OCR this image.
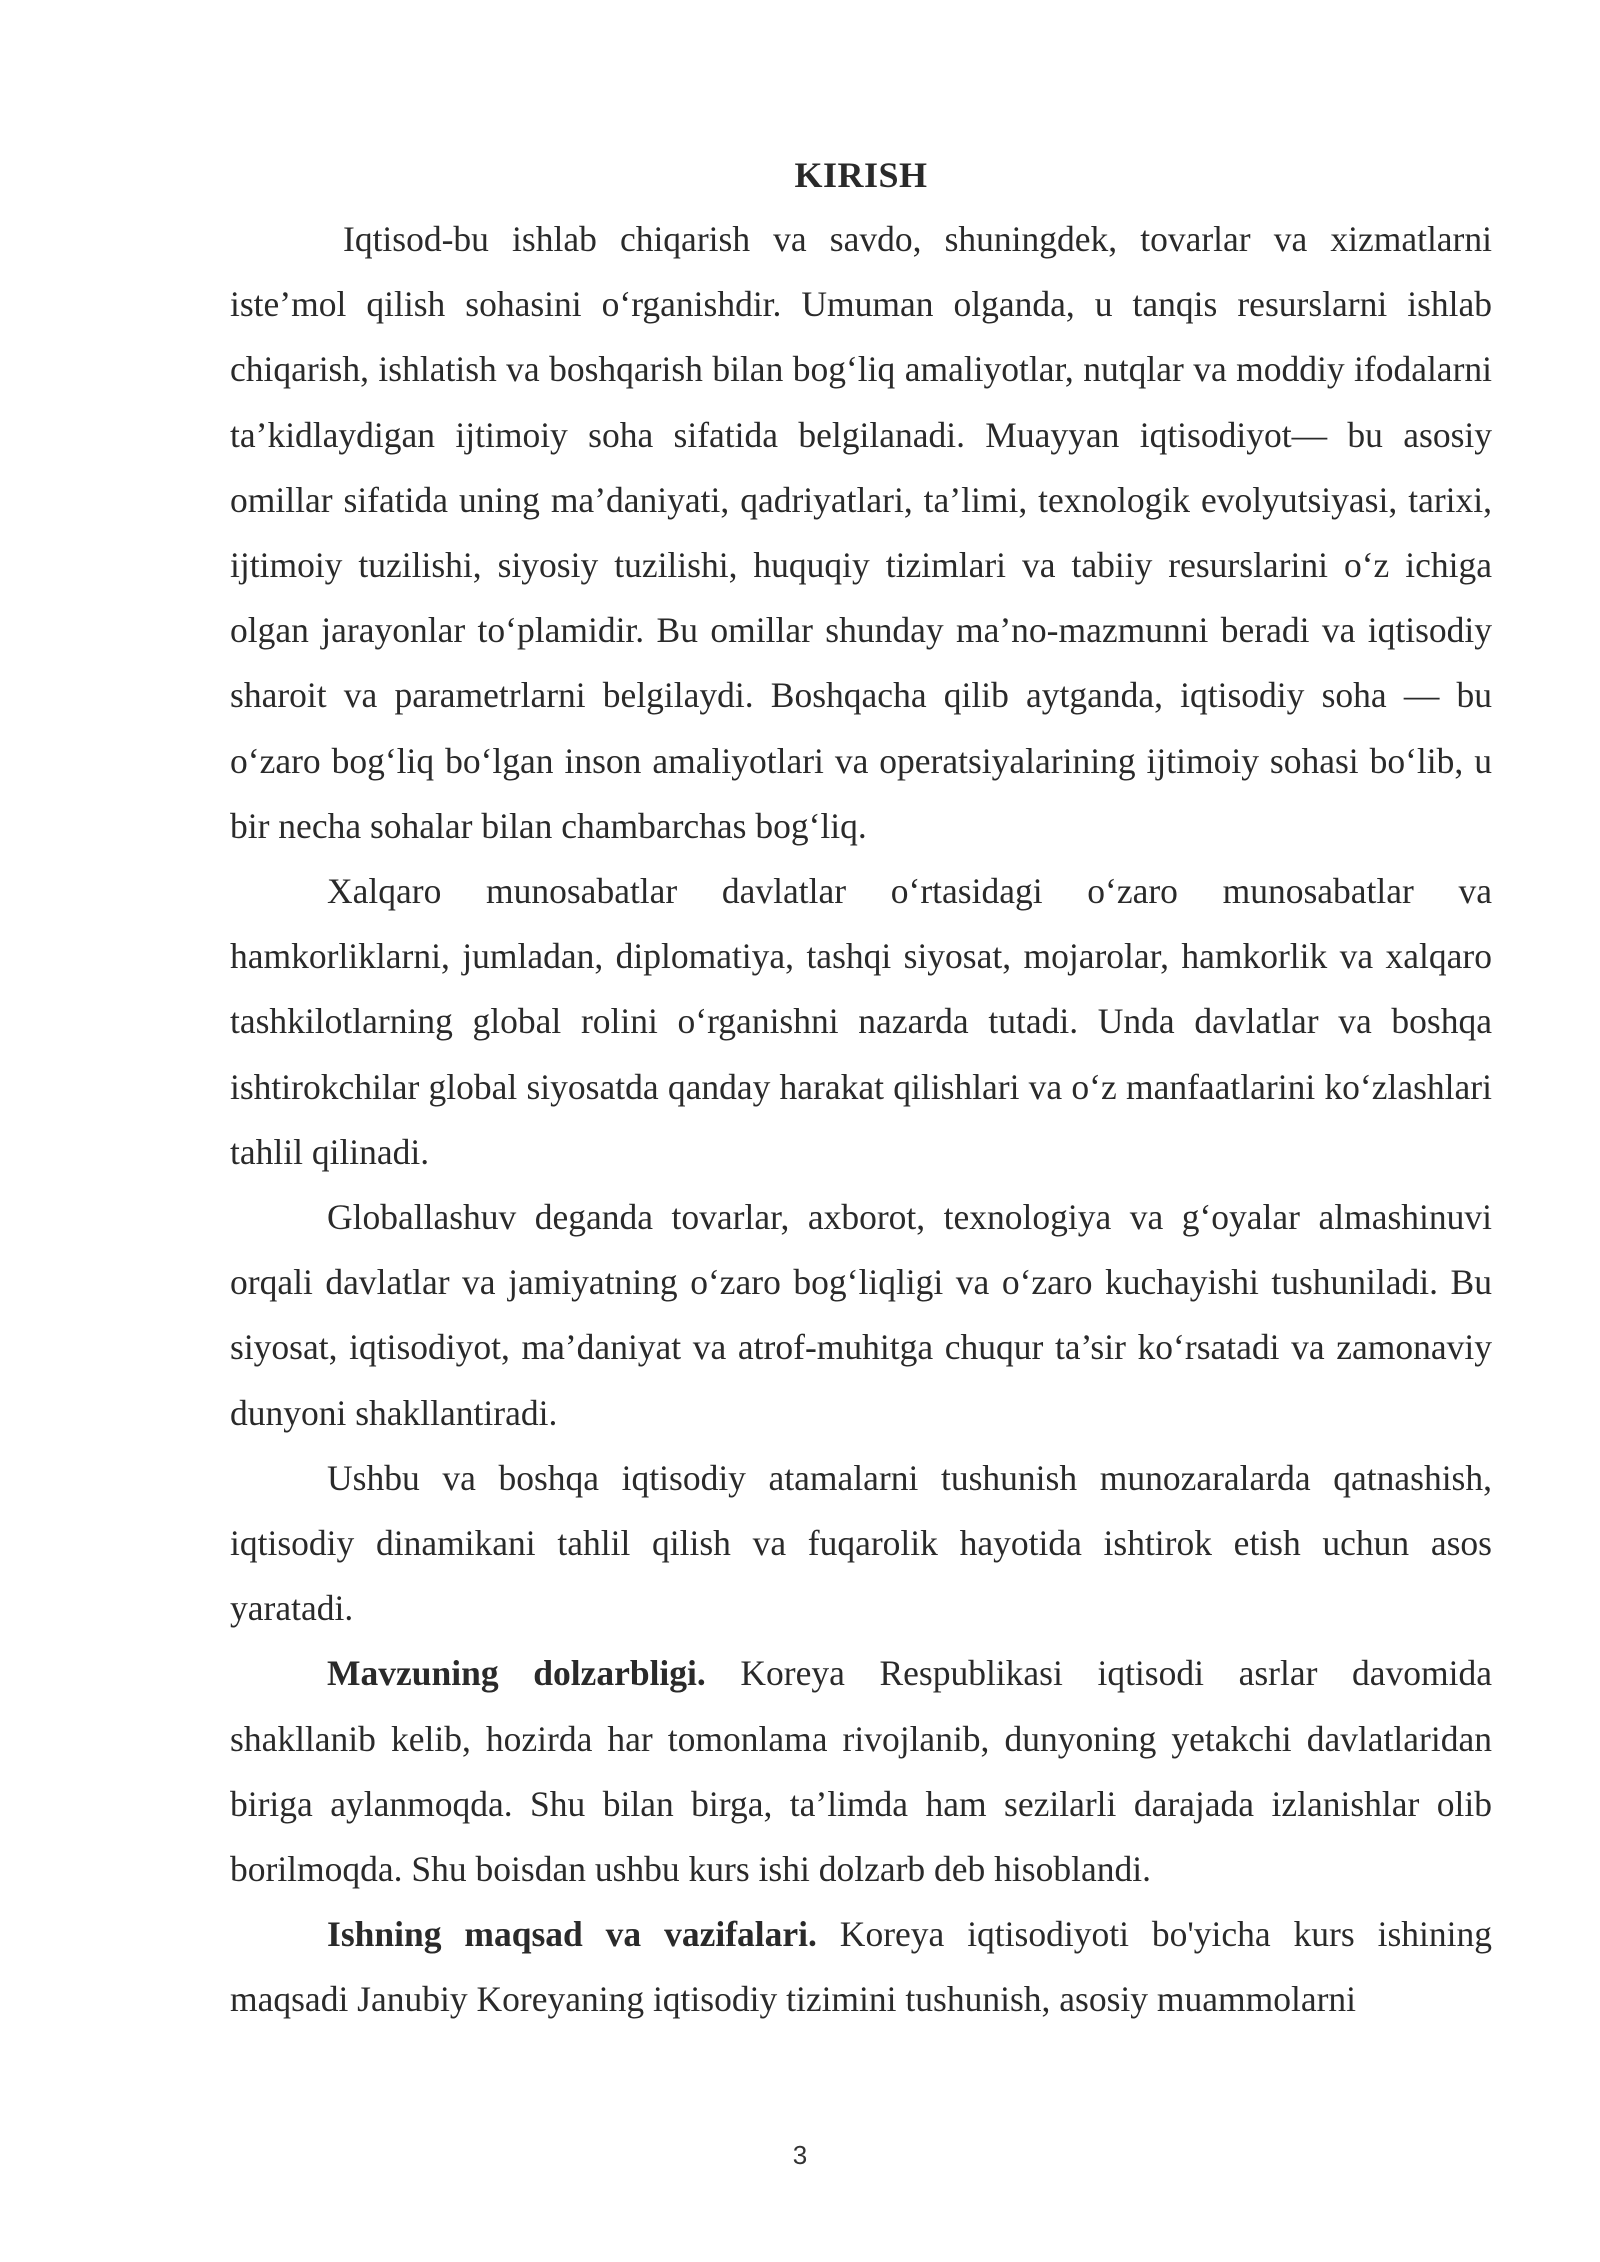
KIRISH

Iqtisod-bu ishlab chiqarish va savdo, shuningdek, tovarlar va xizmatlarni iste’mol qilish sohasini o‘rganishdir. Umuman olganda, u tanqis resurslarni ishlab chiqarish, ishlatish va boshqarish bilan bog‘liq amaliyotlar, nutqlar va moddiy ifodalarni ta’kidlaydigan ijtimoiy soha sifatida belgilanadi. Muayyan iqtisodiyot— bu asosiy omillar sifatida uning ma’daniyati, qadriyatlari, ta’limi, texnologik evolyutsiyasi, tarixi, ijtimoiy tuzilishi, siyosiy tuzilishi, huquqiy tizimlari va tabiiy resurslarini o‘z ichiga olgan jarayonlar to‘plamidir. Bu omillar shunday ma’no-mazmunni beradi va iqtisodiy sharoit va parametrlarni belgilaydi. Boshqacha qilib aytganda, iqtisodiy soha — bu o‘zaro bog‘liq bo‘lgan inson amaliyotlari va operatsiyalarining ijtimoiy sohasi bo‘lib, u bir necha sohalar bilan chambarchas bog‘liq.

Xalqaro munosabatlar davlatlar o‘rtasidagi o‘zaro munosabatlar va hamkorliklarni, jumladan, diplomatiya, tashqi siyosat, mojarolar, hamkorlik va xalqaro tashkilotlarning global rolini o‘rganishni nazarda tutadi. Unda davlatlar va boshqa ishtirokchilar global siyosatda qanday harakat qilishlari va o‘z manfaatlarini ko‘zlashlari tahlil qilinadi.

Globallashuv deganda tovarlar, axborot, texnologiya va g‘oyalar almashinuvi orqali davlatlar va jamiyatning o‘zaro bog‘liqligi va o‘zaro kuchayishi tushuniladi. Bu siyosat, iqtisodiyot, ma’daniyat va atrof-muhitga chuqur ta’sir ko‘rsatadi va zamonaviy dunyoni shakllantiradi.

Ushbu va boshqa iqtisodiy atamalarni tushunish munozaralarda qatnashish, iqtisodiy dinamikani tahlil qilish va fuqarolik hayotida ishtirok etish uchun asos yaratadi.

Mavzuning dolzarbligi. Koreya Respublikasi iqtisodi asrlar davomida shakllanib kelib, hozirda har tomonlama rivojlanib, dunyoning yetakchi davlatlaridan biriga aylanmoqda. Shu bilan birga, ta’limda ham sezilarli darajada izlanishlar olib borilmoqda. Shu boisdan ushbu kurs ishi dolzarb deb hisoblandi.

Ishning maqsad va vazifalari. Koreya iqtisodiyoti bo'yicha kurs ishining maqsadi Janubiy Koreyaning iqtisodiy tizimini tushunish, asosiy muammolarni

3
